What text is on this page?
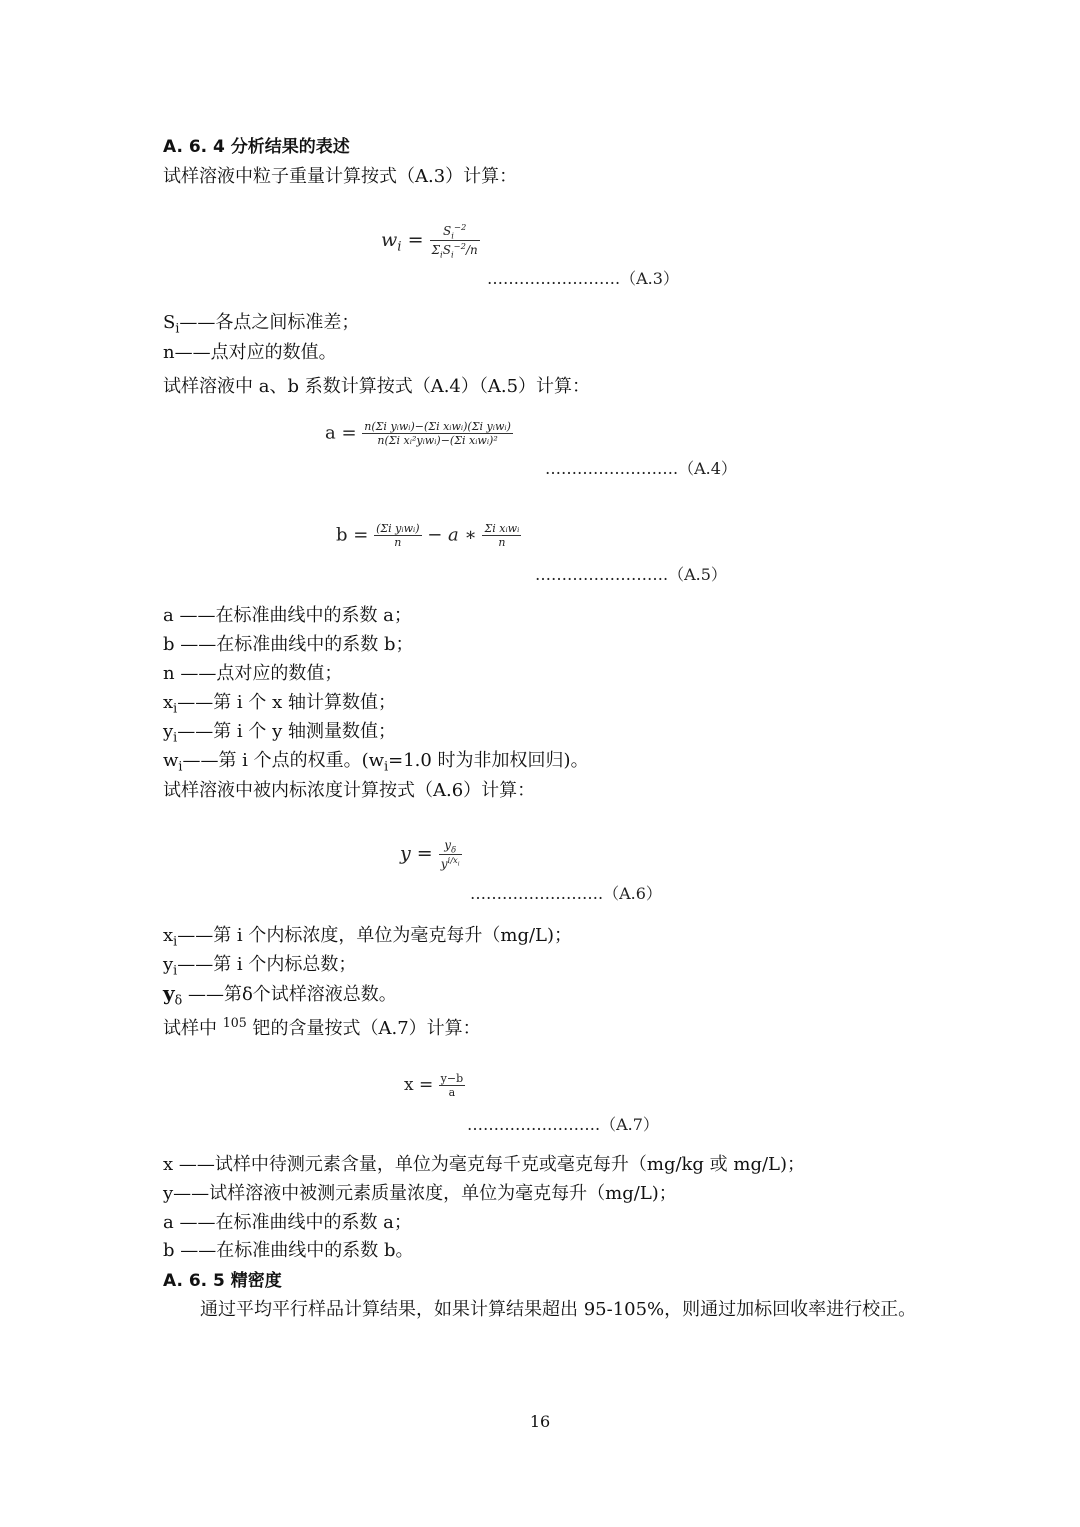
A. 6. 4 分析结果的表述
试样溶液中粒子重量计算按式（A.3）计算：
$w_i = \frac{S_i^{-2}}{\Sigma_iS_i^{-2}/n}$
…………………….（A.3）
$S_i——$各点之间标准差；
n——点对应的数值。
试样溶液中 a、b 系数计算按式（A.4）（A.5）计算：
$a = \frac{\text{n(Σi yᵢwᵢ)−(Σi xᵢwᵢ)(Σi yᵢwᵢ)}}{\text{n(Σi xᵢ²yᵢwᵢ)−(Σi xᵢwᵢ)²}}$
…………………….（A.4）
$b = \frac{\text{(Σi yᵢwᵢ)}}{n} - a$ ∗ $\frac{\text{Σi xᵢwᵢ}}{n}$
…………………….（A.5）
a ——在标准曲线中的系数 a；
b ——在标准曲线中的系数 b；
n ——点对应的数值；
$x_i——$第 i 个 x 轴计算数值；
$y_i——$第 i 个 y 轴测量数值；
$w_i——$第 i 个点的权重。($w_i=1.0$ 时为非加权回归)。
试样溶液中被内标浓度计算按式（A.6）计算：
$y = \frac{y_\delta}{y^{i/x_i}}$
…………………….（A.6）
$x_i——$第 i 个内标浓度，单位为毫克每升（mg/L)；
$y_i——$第 i 个内标总数；
$y_\delta$ ——第δ个试样溶液总数。
试样中 $^{105}$ 钯的含量按式（A.7）计算：
$x = \frac{y-b}{a}$
…………………….（A.7）
x ——试样中待测元素含量，单位为毫克每千克或毫克每升（mg/kg 或 mg/L)；
y——试样溶液中被测元素质量浓度，单位为毫克每升（mg/L)；
a ——在标准曲线中的系数 a；
b ——在标准曲线中的系数 b。
A. 6. 5 精密度
通过平均平行样品计算结果，如果计算结果超出 95-105%，则通过加标回收率进行校正。
16
